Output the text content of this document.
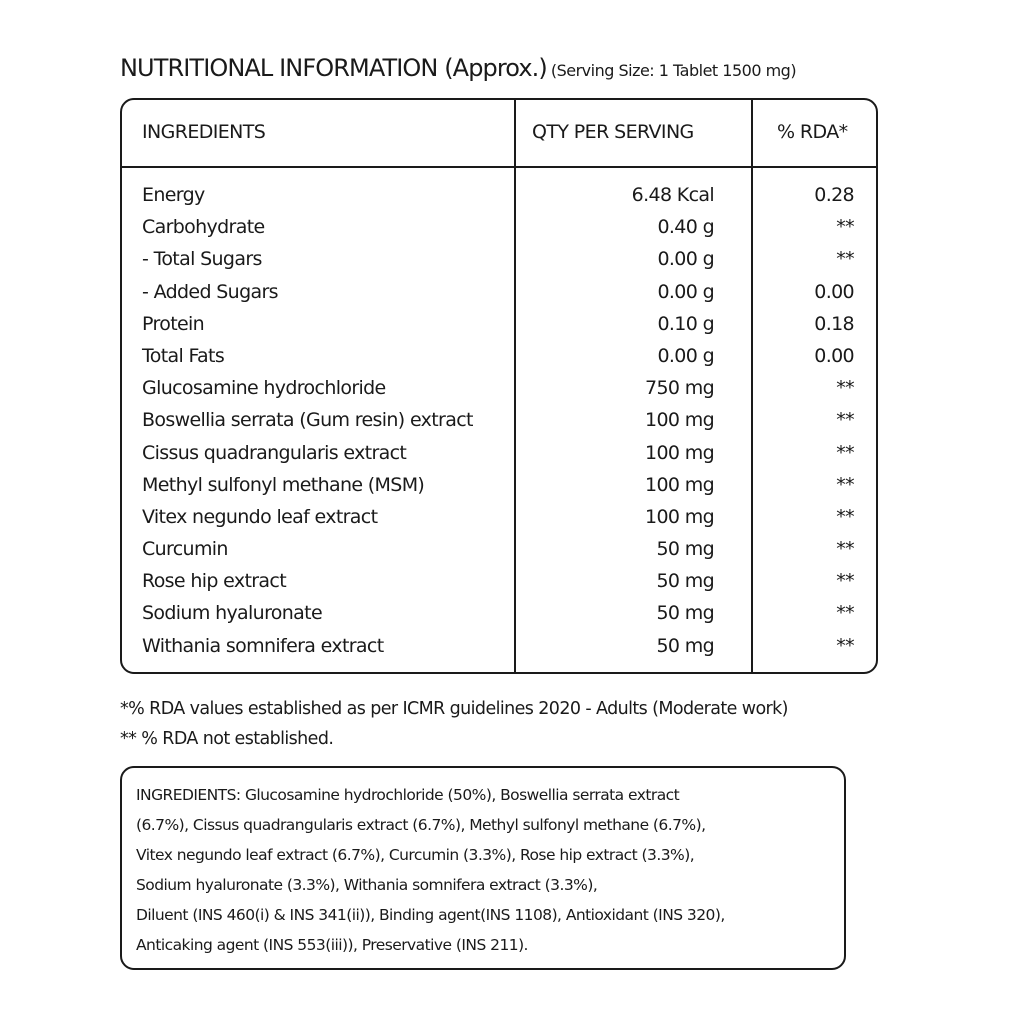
NUTRITIONAL INFORMATION (Approx.) (Serving Size: 1 Tablet 1500 mg)
INGREDIENTS	QTY PER SERVING	% RDA*
Energy	6.48 Kcal	0.28
Carbohydrate	0.40 g	**
- Total Sugars	0.00 g	**
- Added Sugars	0.00 g	0.00
Protein	0.10 g	0.18
Total Fats	0.00 g	0.00
Glucosamine hydrochloride	750 mg	**
Boswellia serrata (Gum resin) extract	100 mg	**
Cissus quadrangularis extract	100 mg	**
Methyl sulfonyl methane (MSM)	100 mg	**
Vitex negundo leaf extract	100 mg	**
Curcumin	50 mg	**
Rose hip extract	50 mg	**
Sodium hyaluronate	50 mg	**
Withania somnifera extract	50 mg	**
*% RDA values established as per ICMR guidelines 2020 - Adults (Moderate work)
** % RDA not established.
INGREDIENTS: Glucosamine hydrochloride (50%), Boswellia serrata extract
(6.7%), Cissus quadrangularis extract (6.7%), Methyl sulfonyl methane (6.7%),
Vitex negundo leaf extract (6.7%), Curcumin (3.3%), Rose hip extract (3.3%),
Sodium hyaluronate (3.3%), Withania somnifera extract (3.3%),
Diluent (INS 460(i) & INS 341(ii)), Binding agent(INS 1108), Antioxidant (INS 320),
Anticaking agent (INS 553(iii)), Preservative (INS 211).
